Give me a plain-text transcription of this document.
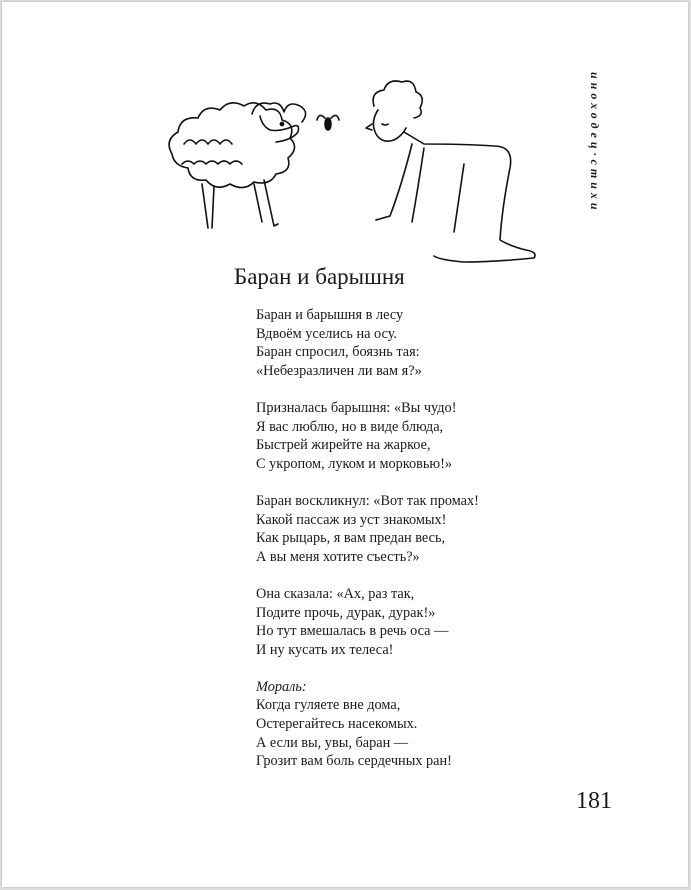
иноходец·стихи
Баран и барышня
Баран и барышня в лесу
Вдвоём уселись на осу.
Баран спросил, боязнь тая:
«Небезразличен ли вам я?»
Призналась барышня: «Вы чудо!
Я вас люблю, но в виде блюда,
Быстрей жирейте на жаркое,
С укропом, луком и морковью!»
Баран воскликнул: «Вот так промах!
Какой пассаж из уст знакомых!
Как рыцарь, я вам предан весь,
А вы меня хотите съесть?»
Она сказала: «Ах, раз так,
Подите прочь, дурак, дурак!»
Но тут вмешалась в речь оса —
И ну кусать их телеса!
Мораль:
Когда гуляете вне дома,
Остерегайтесь насекомых.
А если вы, увы, баран —
Грозит вам боль сердечных ран!
181
